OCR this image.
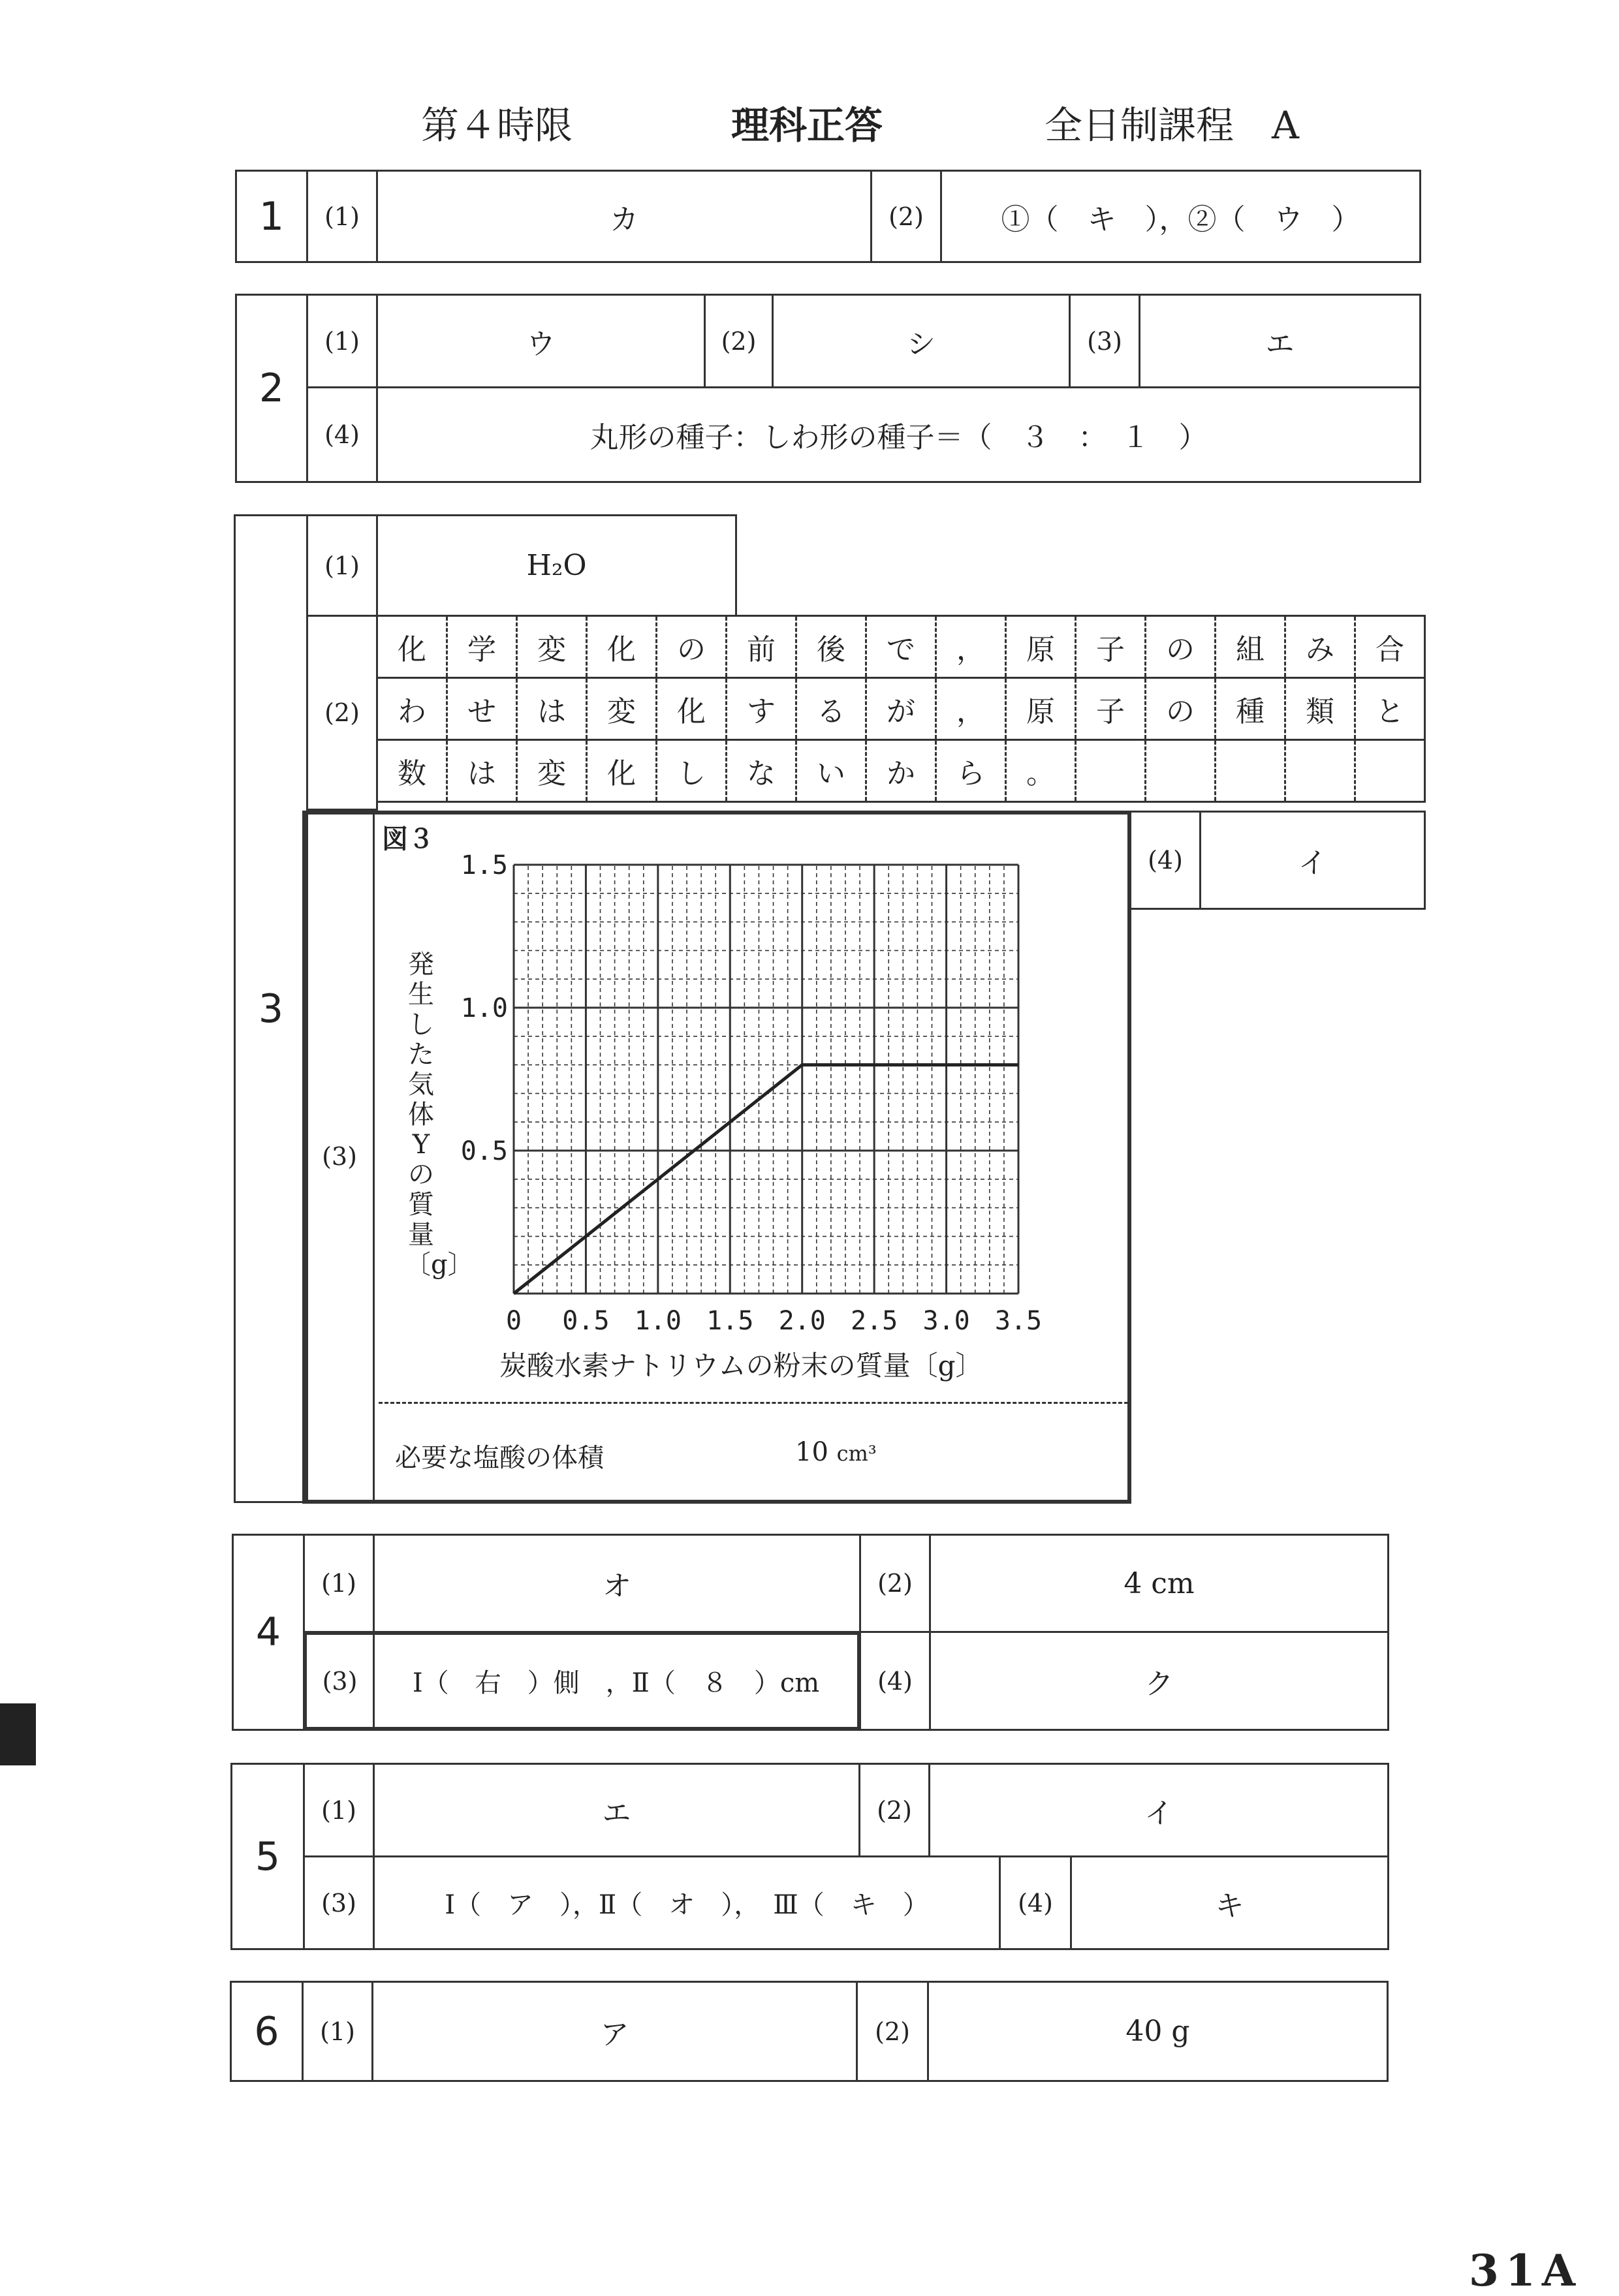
第４時限	理科正答	全日制課程　A
1	(1)	カ	(2)	①（　キ　），②（　ウ　）
2
(1)	ウ	(2)	シ	(3)	エ
(4)	丸形の種子：しわ形の種子＝（　３　：　１　）
3
(1)	H₂O
(2)
化	学	変	化	の	前	後	で	，	原	子	の	組	み	合
わ	せ	は	変	化	す	る	が	，	原	子	の	種	類	と
数	は	変	化	し	な	い	か	ら	。					
(3)
図３
発生した気体Yの質量〔g〕
0 0.5 1.0 1.5 2.0 2.5 3.0 3.5
0.5
1.0
1.5
炭酸水素ナトリウムの粉末の質量〔g〕
必要な塩酸の体積	10 cm³
(4)	イ
4
(1)	オ	(2)	4 cm
(3)	Ⅰ（　右　）側　，Ⅱ（　８　）cm	(4)	ク
5
(1)	エ	(2)	イ
(3)	Ⅰ（　ア　），Ⅱ（　オ　），　Ⅲ（　キ　）	(4)	キ
6	(1)	ア	(2)	40 g
31A
